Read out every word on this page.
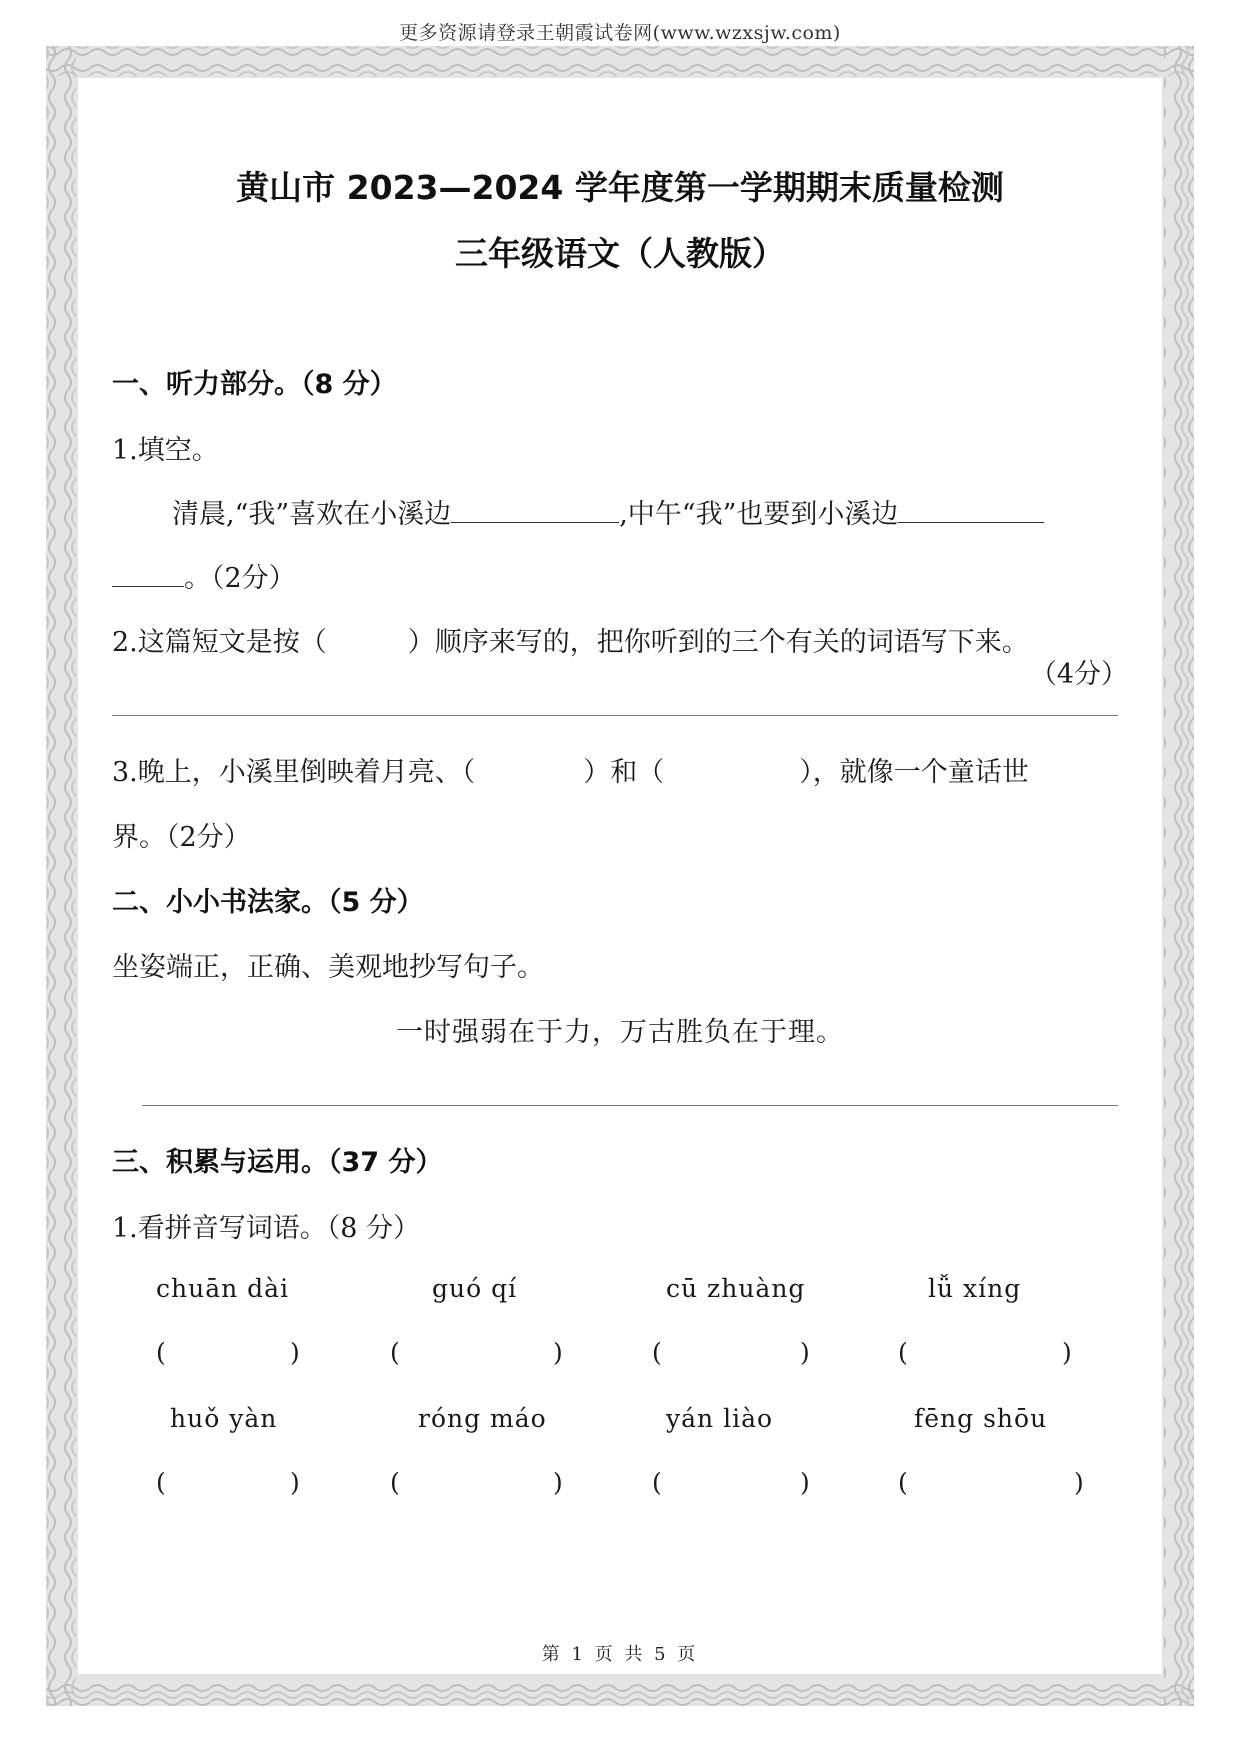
更多资源请登录王朝霞试卷网(www.wzxsjw.com)
黄山市 2023—2024 学年度第一学期期末质量检测
三年级语文（人教版）
一、听力部分。（8 分）
1.填空。
清晨,“我”喜欢在小溪边	,中午“我”也要到小溪边
。（2分）
2.这篇短文是按（　　　）顺序来写的，把你听到的三个有关的词语写下来。
（4分）
3.晚上，小溪里倒映着月亮、（　　　　）和（　　　　　），就像一个童话世
界。（2分）
二、小小书法家。（5 分）
坐姿端正，正确、美观地抄写句子。
一时强弱在于力，万古胜负在于理。
三、积累与运用。（37 分）
1.看拼音写词语。（8 分）
chuān dài	guó qí	cū zhuàng	lǚ xíng
(	)	(	)	(	)	(	)
huǒ yàn	róng máo	yán liào	fēng shōu
(	)	(	)	(	)	(	)
第 1 页 共 5 页
